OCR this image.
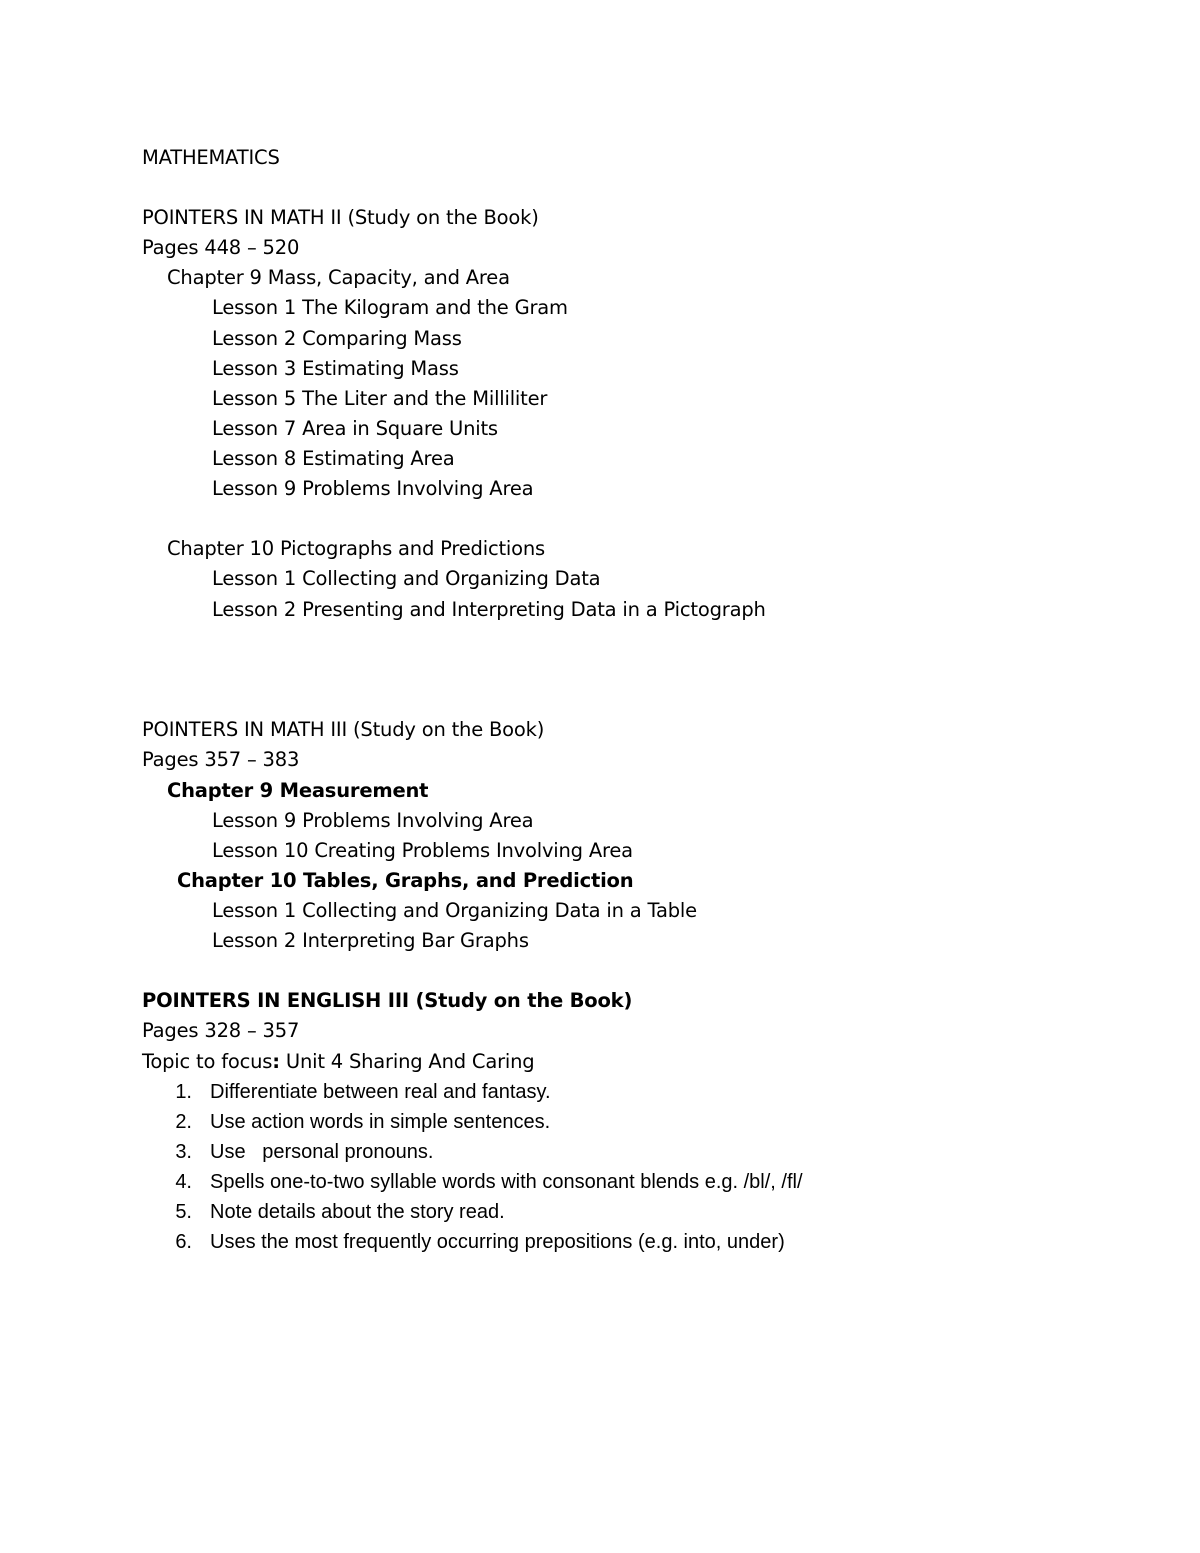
MATHEMATICS
POINTERS IN MATH II (Study on the Book)
Pages 448 – 520
Chapter 9 Mass, Capacity, and Area
Lesson 1 The Kilogram and the Gram
Lesson 2 Comparing Mass
Lesson 3 Estimating Mass
Lesson 5 The Liter and the Milliliter
Lesson 7 Area in Square Units
Lesson 8 Estimating Area
Lesson 9 Problems Involving Area
Chapter 10 Pictographs and Predictions
Lesson 1 Collecting and Organizing Data
Lesson 2 Presenting and Interpreting Data in a Pictograph
POINTERS IN MATH III (Study on the Book)
Pages 357 – 383
Chapter 9 Measurement
Lesson 9 Problems Involving Area
Lesson 10 Creating Problems Involving Area
Chapter 10 Tables, Graphs, and Prediction
Lesson 1 Collecting and Organizing Data in a Table
Lesson 2 Interpreting Bar Graphs
POINTERS IN ENGLISH III (Study on the Book)
Pages 328 – 357
Topic to focus: Unit 4 Sharing And Caring
1. Differentiate between real and fantasy.
2. Use action words in simple sentences.
3. Use   personal pronouns.
4. Spells one-to-two syllable words with consonant blends e.g. /bl/, /fl/
5. Note details about the story read.
6. Uses the most frequently occurring prepositions (e.g. into, under)
